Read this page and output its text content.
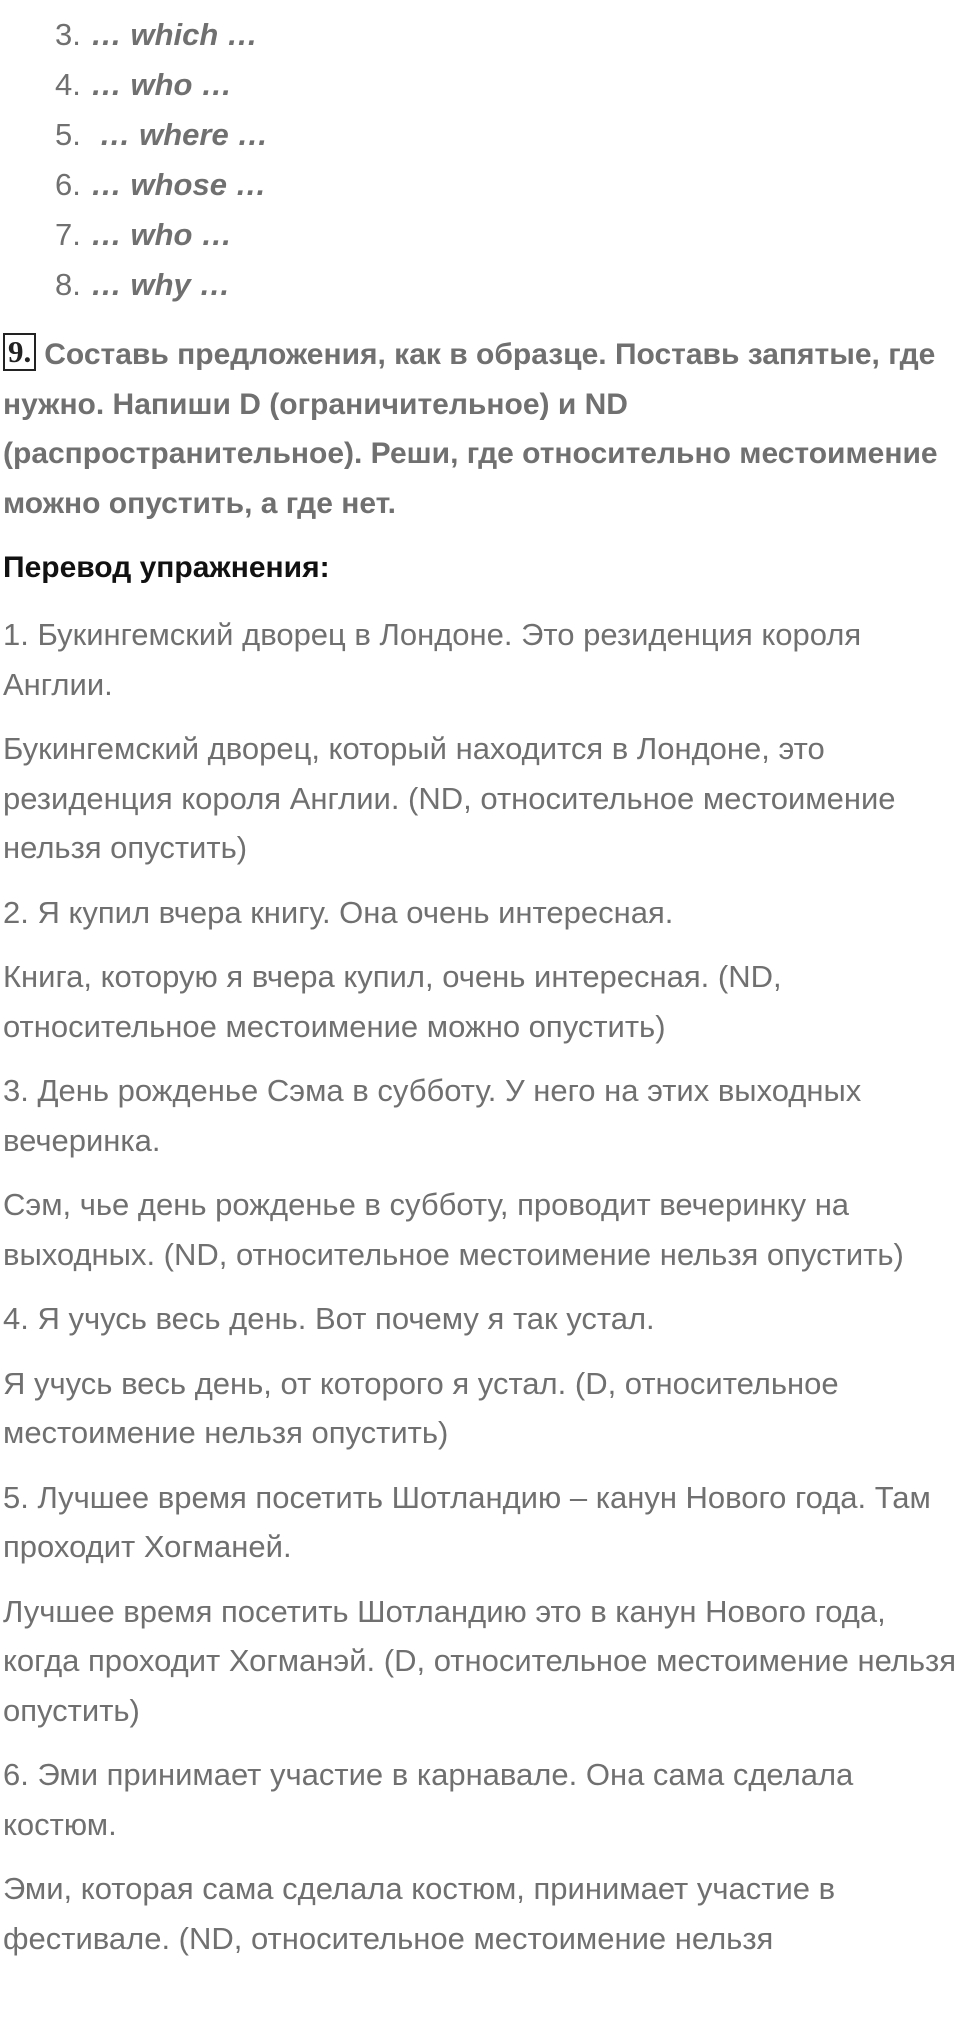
3. … which …
4. … who …
5. … where …
6. … whose …
7. … who …
8. … why …
9. Составь предложения, как в образце. Поставь запятые, где нужно. Напиши D (ограничительное) и ND (распространительное). Реши, где относительно местоимение можно опустить, а где нет.
Перевод упражнения:

1. Букингемский дворец в Лондоне. Это резиденция короля Англии.

Букингемский дворец, который находится в Лондоне, это резиденция короля Англии. (ND, относительное местоимение нельзя опустить)

2. Я купил вчера книгу. Она очень интересная.

Книга, которую я вчера купил, очень интересная. (ND, относительное местоимение можно опустить)

3. День рожденье Сэма в субботу. У него на этих выходных вечеринка.

Сэм, чье день рожденье в субботу, проводит вечеринку на выходных. (ND, относительное местоимение нельзя опустить)

4. Я учусь весь день. Вот почему я так устал.

Я учусь весь день, от которого я устал. (D, относительное местоимение нельзя опустить)

5. Лучшее время посетить Шотландию – канун Нового года. Там проходит Хогманей.

Лучшее время посетить Шотландию это в канун Нового года, когда проходит Хогманэй. (D, относительное местоимение нельзя опустить)

6. Эми принимает участие в карнавале. Она сама сделала костюм.

Эми, которая сама сделала костюм, принимает участие в фестивале. (ND, относительное местоимение нельзя
